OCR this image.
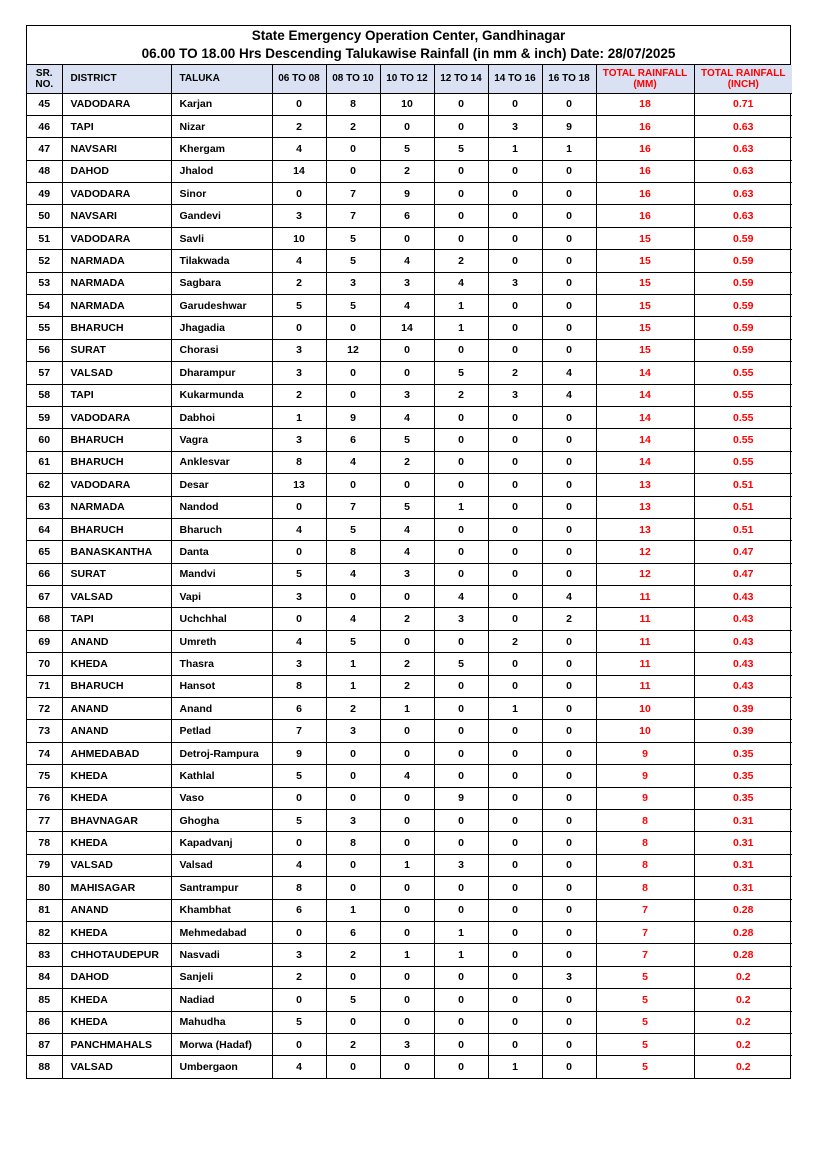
State Emergency Operation Center, Gandhinagar
06.00 TO 18.00 Hrs Descending Talukawise Rainfall (in mm & inch) Date: 28/07/2025
SR.
NO.	DISTRICT	TALUKA	06 TO 08	08 TO 10	10 TO 12	12 TO 14	14 TO 16	16 TO 18	TOTAL RAINFALL
(MM)	TOTAL RAINFALL
(INCH)
45	VADODARA	Karjan	0	8	10	0	0	0	18	0.71
46	TAPI	Nizar	2	2	0	0	3	9	16	0.63
47	NAVSARI	Khergam	4	0	5	5	1	1	16	0.63
48	DAHOD	Jhalod	14	0	2	0	0	0	16	0.63
49	VADODARA	Sinor	0	7	9	0	0	0	16	0.63
50	NAVSARI	Gandevi	3	7	6	0	0	0	16	0.63
51	VADODARA	Savli	10	5	0	0	0	0	15	0.59
52	NARMADA	Tilakwada	4	5	4	2	0	0	15	0.59
53	NARMADA	Sagbara	2	3	3	4	3	0	15	0.59
54	NARMADA	Garudeshwar	5	5	4	1	0	0	15	0.59
55	BHARUCH	Jhagadia	0	0	14	1	0	0	15	0.59
56	SURAT	Chorasi	3	12	0	0	0	0	15	0.59
57	VALSAD	Dharampur	3	0	0	5	2	4	14	0.55
58	TAPI	Kukarmunda	2	0	3	2	3	4	14	0.55
59	VADODARA	Dabhoi	1	9	4	0	0	0	14	0.55
60	BHARUCH	Vagra	3	6	5	0	0	0	14	0.55
61	BHARUCH	Anklesvar	8	4	2	0	0	0	14	0.55
62	VADODARA	Desar	13	0	0	0	0	0	13	0.51
63	NARMADA	Nandod	0	7	5	1	0	0	13	0.51
64	BHARUCH	Bharuch	4	5	4	0	0	0	13	0.51
65	BANASKANTHA	Danta	0	8	4	0	0	0	12	0.47
66	SURAT	Mandvi	5	4	3	0	0	0	12	0.47
67	VALSAD	Vapi	3	0	0	4	0	4	11	0.43
68	TAPI	Uchchhal	0	4	2	3	0	2	11	0.43
69	ANAND	Umreth	4	5	0	0	2	0	11	0.43
70	KHEDA	Thasra	3	1	2	5	0	0	11	0.43
71	BHARUCH	Hansot	8	1	2	0	0	0	11	0.43
72	ANAND	Anand	6	2	1	0	1	0	10	0.39
73	ANAND	Petlad	7	3	0	0	0	0	10	0.39
74	AHMEDABAD	Detroj-Rampura	9	0	0	0	0	0	9	0.35
75	KHEDA	Kathlal	5	0	4	0	0	0	9	0.35
76	KHEDA	Vaso	0	0	0	9	0	0	9	0.35
77	BHAVNAGAR	Ghogha	5	3	0	0	0	0	8	0.31
78	KHEDA	Kapadvanj	0	8	0	0	0	0	8	0.31
79	VALSAD	Valsad	4	0	1	3	0	0	8	0.31
80	MAHISAGAR	Santrampur	8	0	0	0	0	0	8	0.31
81	ANAND	Khambhat	6	1	0	0	0	0	7	0.28
82	KHEDA	Mehmedabad	0	6	0	1	0	0	7	0.28
83	CHHOTAUDEPUR	Nasvadi	3	2	1	1	0	0	7	0.28
84	DAHOD	Sanjeli	2	0	0	0	0	3	5	0.2
85	KHEDA	Nadiad	0	5	0	0	0	0	5	0.2
86	KHEDA	Mahudha	5	0	0	0	0	0	5	0.2
87	PANCHMAHALS	Morwa (Hadaf)	0	2	3	0	0	0	5	0.2
88	VALSAD	Umbergaon	4	0	0	0	1	0	5	0.2
